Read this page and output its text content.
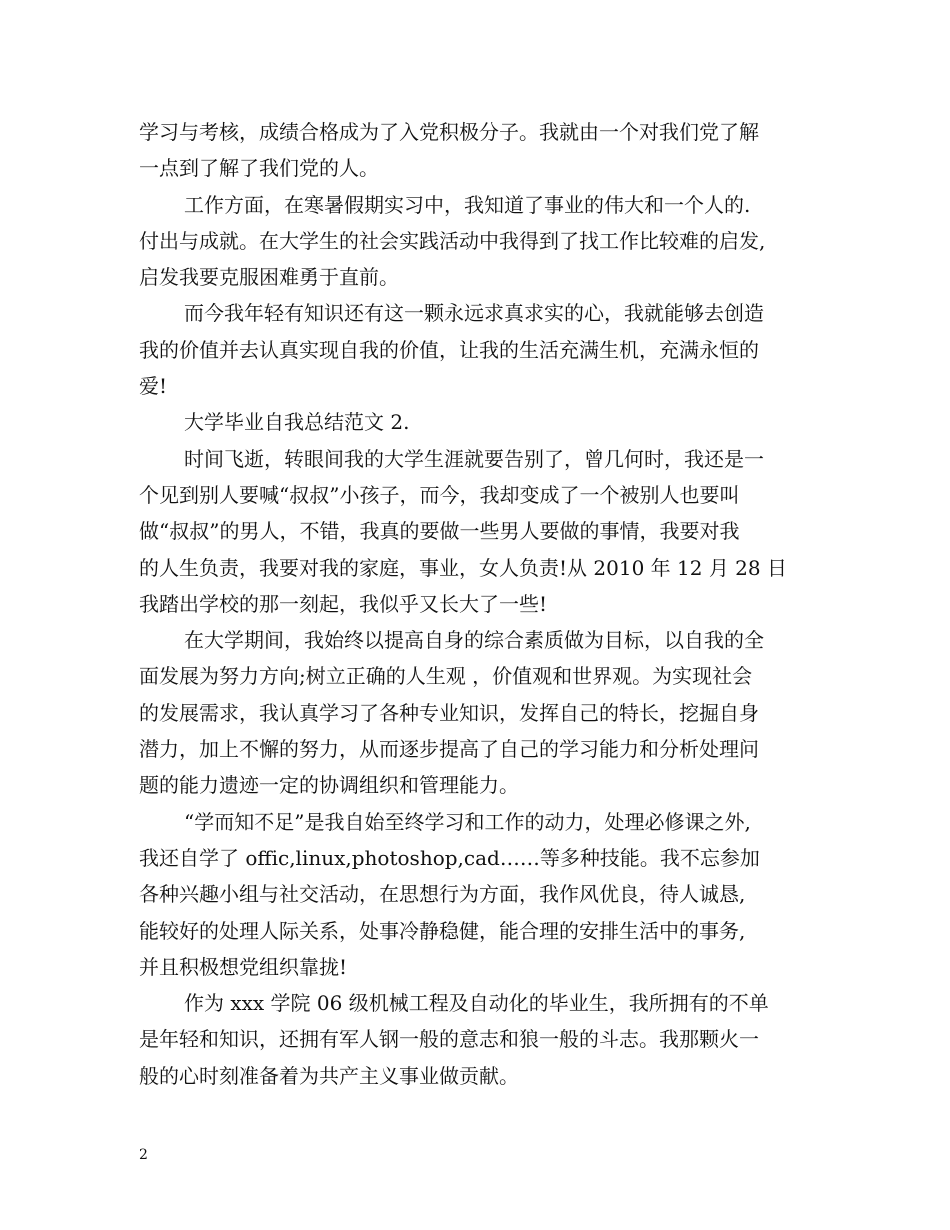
学习与考核，成绩合格成为了入党积极分子。我就由一个对我们党了解
一点到了解了我们党的人。
工作方面，在寒暑假期实习中，我知道了事业的伟大和一个人的.
付出与成就。在大学生的社会实践活动中我得到了找工作比较难的启发,
启发我要克服困难勇于直前。
而今我年轻有知识还有这一颗永远求真求实的心，我就能够去创造
我的价值并去认真实现自我的价值，让我的生活充满生机，充满永恒的
爱!
大学毕业自我总结范文 2.
时间飞逝，转眼间我的大学生涯就要告别了，曾几何时，我还是一
个见到别人要喊“叔叔”小孩子，而今，我却变成了一个被别人也要叫
做“叔叔”的男人，不错，我真的要做一些男人要做的事情，我要对我
的人生负责，我要对我的家庭，事业，女人负责!从 2010 年 12 月 28 日
我踏出学校的那一刻起，我似乎又长大了一些!
在大学期间，我始终以提高自身的综合素质做为目标，以自我的全
面发展为努力方向;树立正确的人生观 ，价值观和世界观。为实现社会
的发展需求，我认真学习了各种专业知识，发挥自己的特长，挖掘自身
潜力，加上不懈的努力，从而逐步提高了自己的学习能力和分析处理问
题的能力遗迹一定的协调组织和管理能力。
“学而知不足”是我自始至终学习和工作的动力，处理必修课之外,
我还自学了 offic,linux,photoshop,cad……等多种技能。我不忘参加
各种兴趣小组与社交活动，在思想行为方面，我作风优良，待人诚恳,
能较好的处理人际关系，处事冷静稳健，能合理的安排生活中的事务,
并且积极想党组织靠拢!
作为 xxx 学院 06 级机械工程及自动化的毕业生，我所拥有的不单
是年轻和知识，还拥有军人钢一般的意志和狼一般的斗志。我那颗火一
般的心时刻准备着为共产主义事业做贡献。
2
